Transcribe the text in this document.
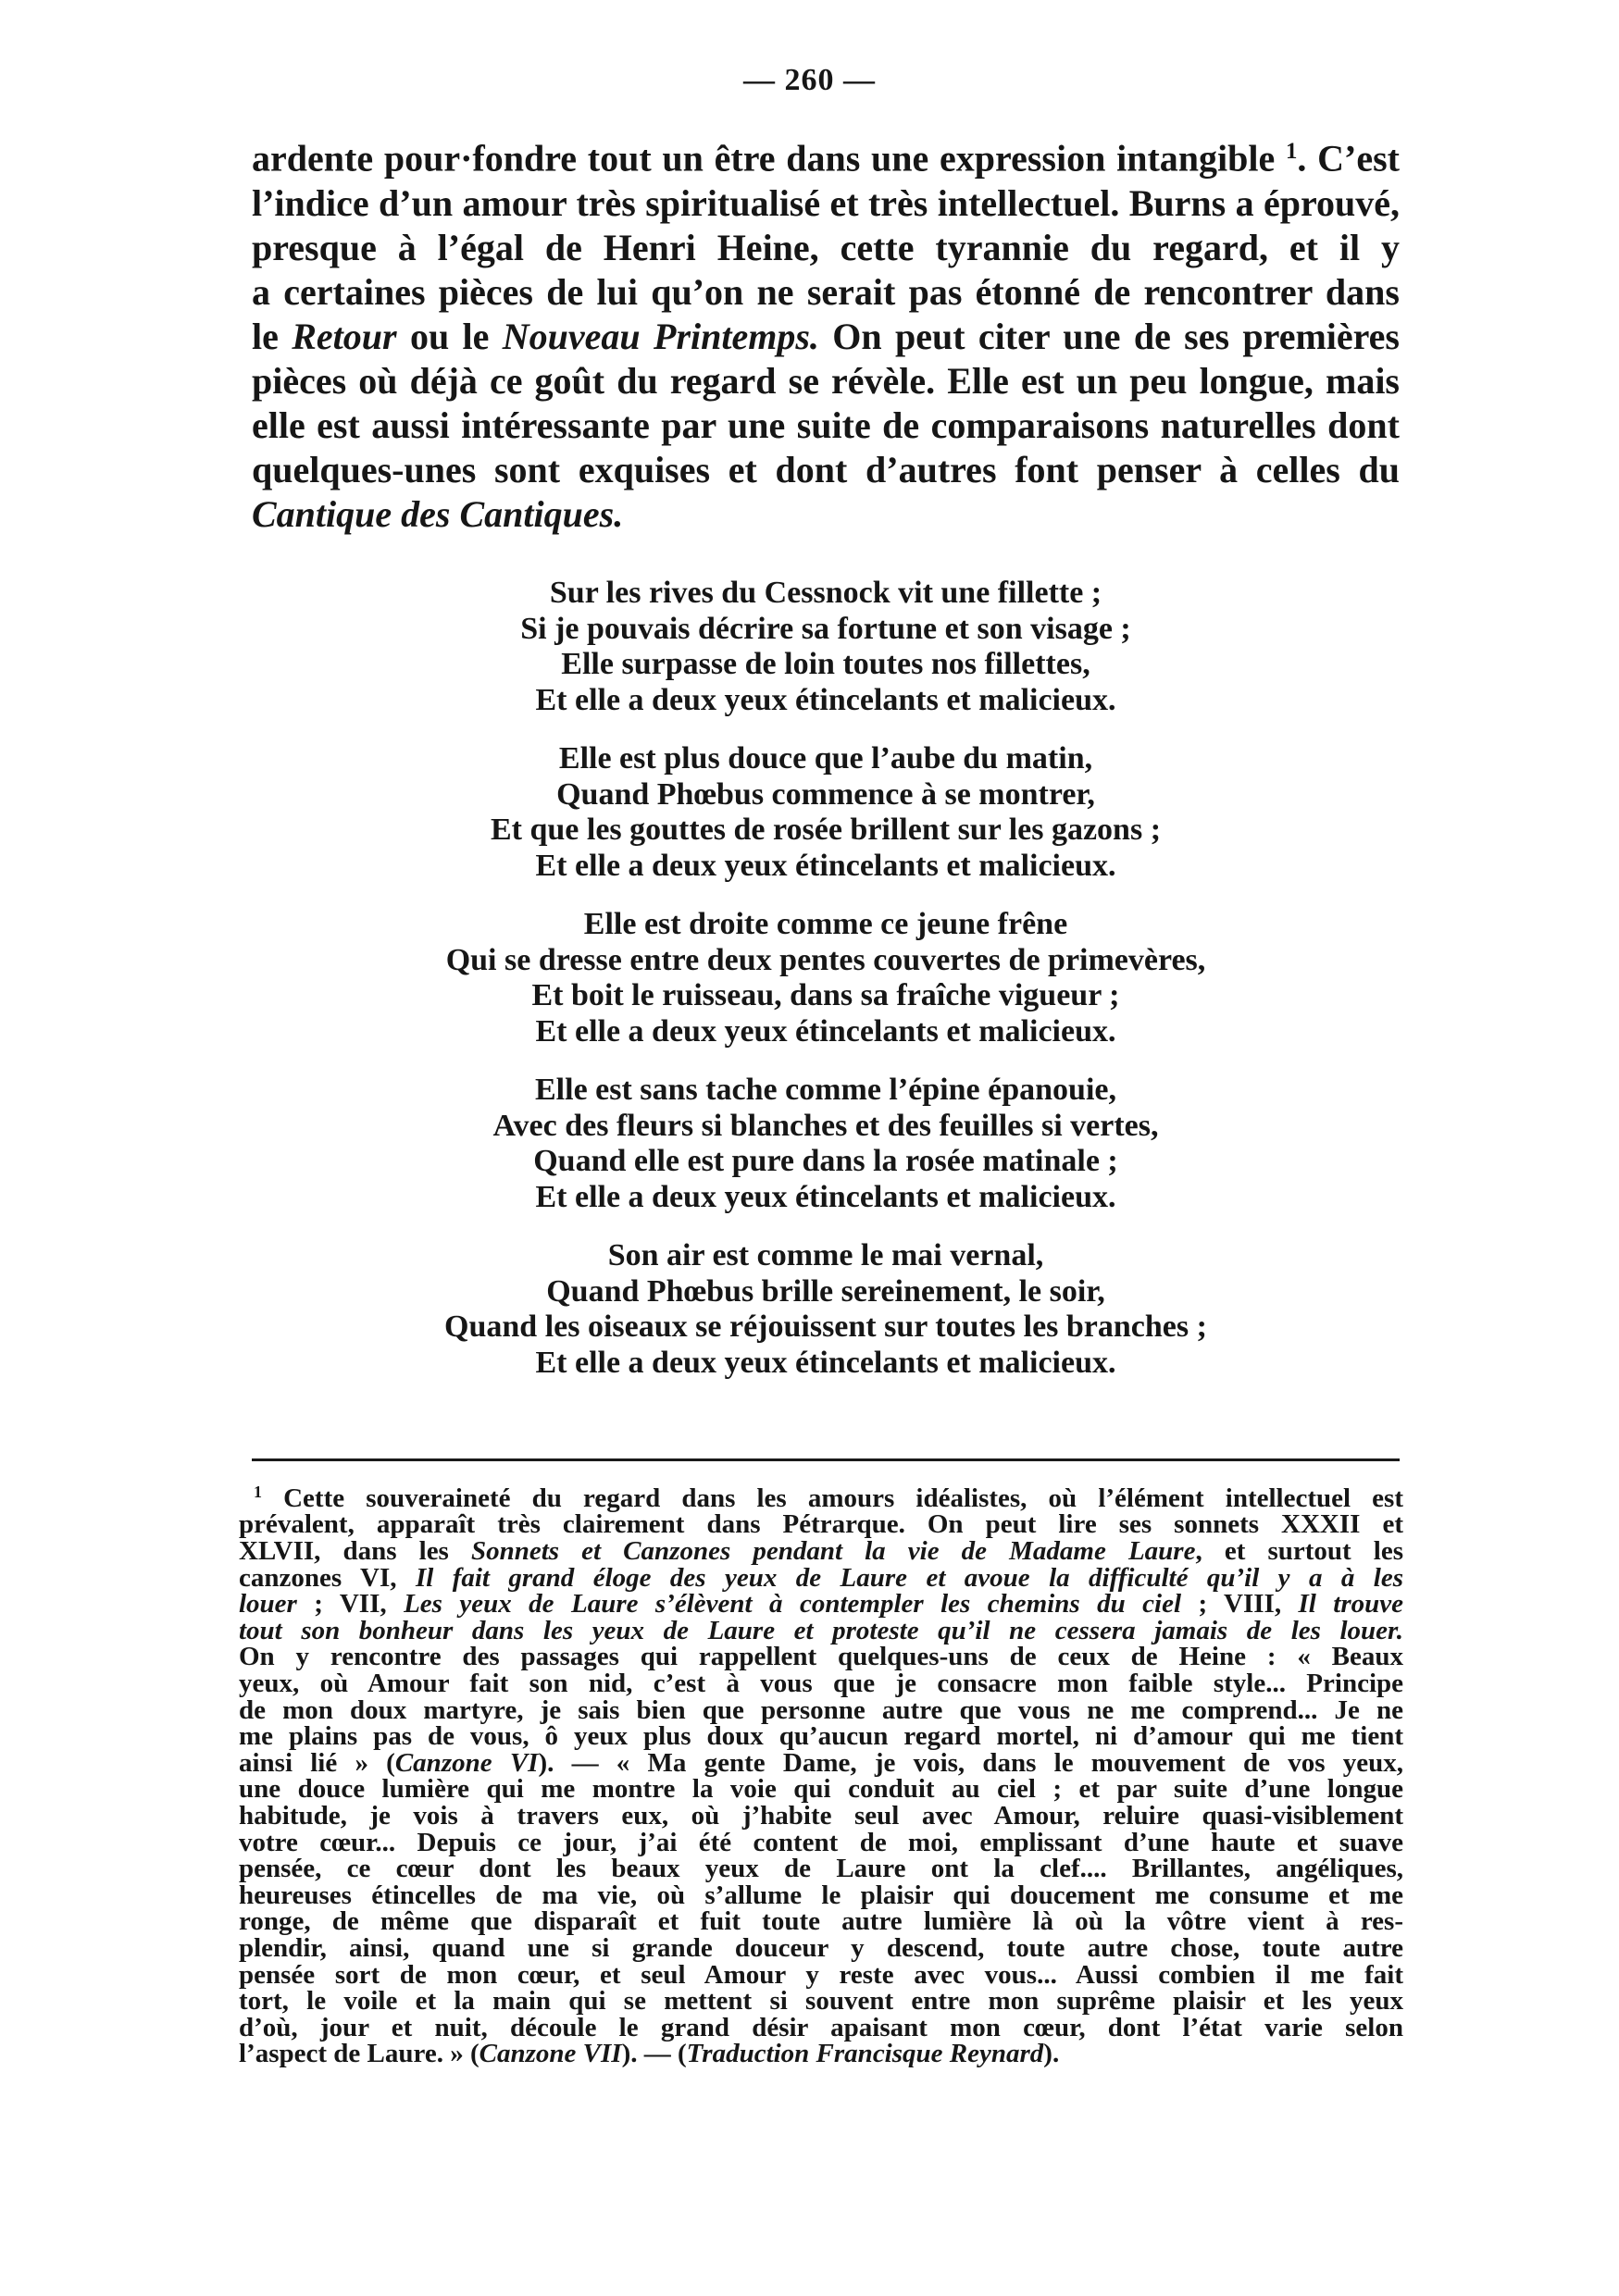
— 260 —
ardente pour·fondre tout un être dans une expression intangible $^1$. C’est
l’indice d’un amour très spiritualisé et très intellectuel. Burns a éprouvé,
presque à l’égal de Henri Heine, cette tyrannie du regard, et il y
a certaines pièces de lui qu’on ne serait pas étonné de rencontrer dans
le Retour ou le Nouveau Printemps. On peut citer une de ses premières
pièces où déjà ce goût du regard se révèle. Elle est un peu longue, mais
elle est aussi intéressante par une suite de comparaisons naturelles dont
quelques-unes sont exquises et dont d’autres font penser à celles du
Cantique des Cantiques.
Sur les rives du Cessnock vit une fillette ;
Si je pouvais décrire sa fortune et son visage ;
Elle surpasse de loin toutes nos fillettes,
Et elle a deux yeux étincelants et malicieux.
Elle est plus douce que l’aube du matin,
Quand Phœbus commence à se montrer,
Et que les gouttes de rosée brillent sur les gazons ;
Et elle a deux yeux étincelants et malicieux.
Elle est droite comme ce jeune frêne
Qui se dresse entre deux pentes couvertes de primevères,
Et boit le ruisseau, dans sa fraîche vigueur ;
Et elle a deux yeux étincelants et malicieux.
Elle est sans tache comme l’épine épanouie,
Avec des fleurs si blanches et des feuilles si vertes,
Quand elle est pure dans la rosée matinale ;
Et elle a deux yeux étincelants et malicieux.
Son air est comme le mai vernal,
Quand Phœbus brille sereinement, le soir,
Quand les oiseaux se réjouissent sur toutes les branches ;
Et elle a deux yeux étincelants et malicieux.
$^1$ Cette souveraineté du regard dans les amours idéalistes, où l’élément intellectuel est
prévalent, apparaît très clairement dans Pétrarque. On peut lire ses sonnets XXXII et
XLVII, dans les Sonnets et Canzones pendant la vie de Madame Laure, et surtout les
canzones VI, Il fait grand éloge des yeux de Laure et avoue la difficulté qu’il y a à les
louer ; VII, Les yeux de Laure s’élèvent à contempler les chemins du ciel ; VIII, Il trouve
tout son bonheur dans les yeux de Laure et proteste qu’il ne cessera jamais de les louer.
On y rencontre des passages qui rappellent quelques-uns de ceux de Heine : « Beaux
yeux, où Amour fait son nid, c’est à vous que je consacre mon faible style... Principe
de mon doux martyre, je sais bien que personne autre que vous ne me comprend... Je ne
me plains pas de vous, ô yeux plus doux qu’aucun regard mortel, ni d’amour qui me tient
ainsi lié » (Canzone VI). — « Ma gente Dame, je vois, dans le mouvement de vos yeux,
une douce lumière qui me montre la voie qui conduit au ciel ; et par suite d’une longue
habitude, je vois à travers eux, où j’habite seul avec Amour, reluire quasi-visiblement
votre cœur... Depuis ce jour, j’ai été content de moi, emplissant d’une haute et suave
pensée, ce cœur dont les beaux yeux de Laure ont la clef.... Brillantes, angéliques,
heureuses étincelles de ma vie, où s’allume le plaisir qui doucement me consume et me
ronge, de même que disparaît et fuit toute autre lumière là où la vôtre vient à res-
plendir, ainsi, quand une si grande douceur y descend, toute autre chose, toute autre
pensée sort de mon cœur, et seul Amour y reste avec vous... Aussi combien il me fait
tort, le voile et la main qui se mettent si souvent entre mon suprême plaisir et les yeux
d’où, jour et nuit, découle le grand désir apaisant mon cœur, dont l’état varie selon
l’aspect de Laure. » (Canzone VII). — (Traduction Francisque Reynard).
